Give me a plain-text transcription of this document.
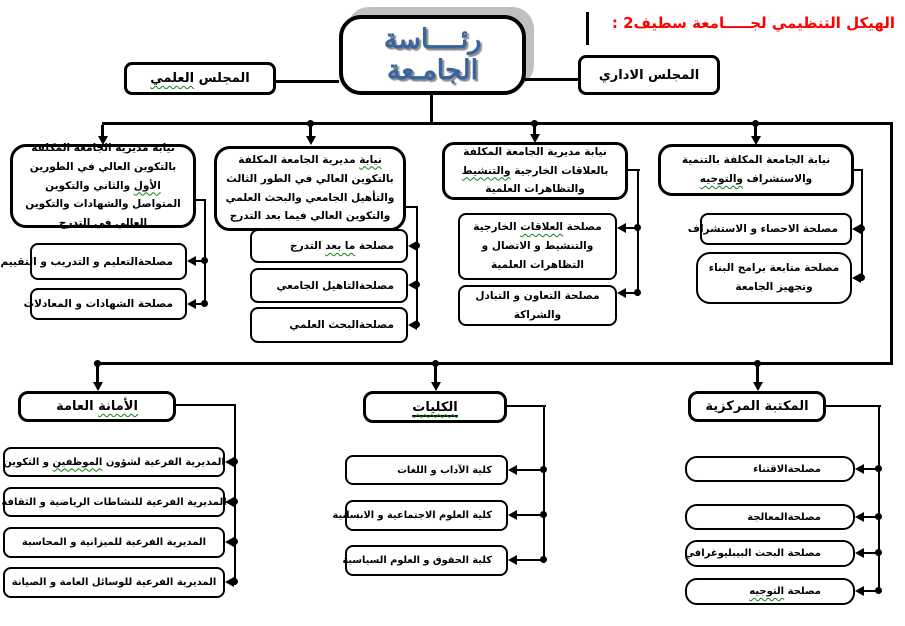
الهيكل التنظيمي لجـــــامعة سطيف2 :
رئــــاسة الجامـعة
المجلس العلمي	المجلس الاداري
نيابة مديرية الجامعة المكلفة بالتكوين العالي في الطورين الأول والثاني والتكوين المتواصل والشهادات والتكوين العالي في التدرج
نيابة مديرية الجامعة المكلفة بالتكوين العالي في الطور الثالث والتأهيل الجامعي والبحث العلمي والتكوين العالي فيما بعد التدرج
نيابة مديرية الجامعة المكلفة بالعلاقات الخارجية والتنشيط والتظاهرات العلمية
نيابة الجامعة المكلفة بالتنمية والاستشراف والتوجيه
مصلحةالتعليم و التدريب و التقييم
مصلحة الشهادات و المعادلات
مصلحة ما بعد التدرج
مصلحةالتاهيل الجامعي
مصلحةالبحث العلمي
مصلحة العلاقات الخارجية والتنشيط و الاتصال و التظاهرات العلمية
مصلحة التعاون و التبادل والشراكة
مصلحة الاحصاء و الاستشراف
مصلحة متابعة برامج البناء وتجهيز الجامعة
الأمانة العامة
المديرية الفرعية لشؤون الموظفين و التكوين
المديرية الفرعية للنشاطات الرياضية و الثقافة
المديرية الفرعية للميزانية و المحاسبة
المديرية الفرعية للوسائل العامة و الصيانة
الكليات
كلية الآداب و اللغات
كلية العلوم الاجتماعية و الانسانية
كلية الحقوق و العلوم السياسية
المكتبة المركزية
مصلحةالاقتناء
مصلحةالمعالجة
مصلحة البحث البيبليوغرافي
مصلحة التوجيه
